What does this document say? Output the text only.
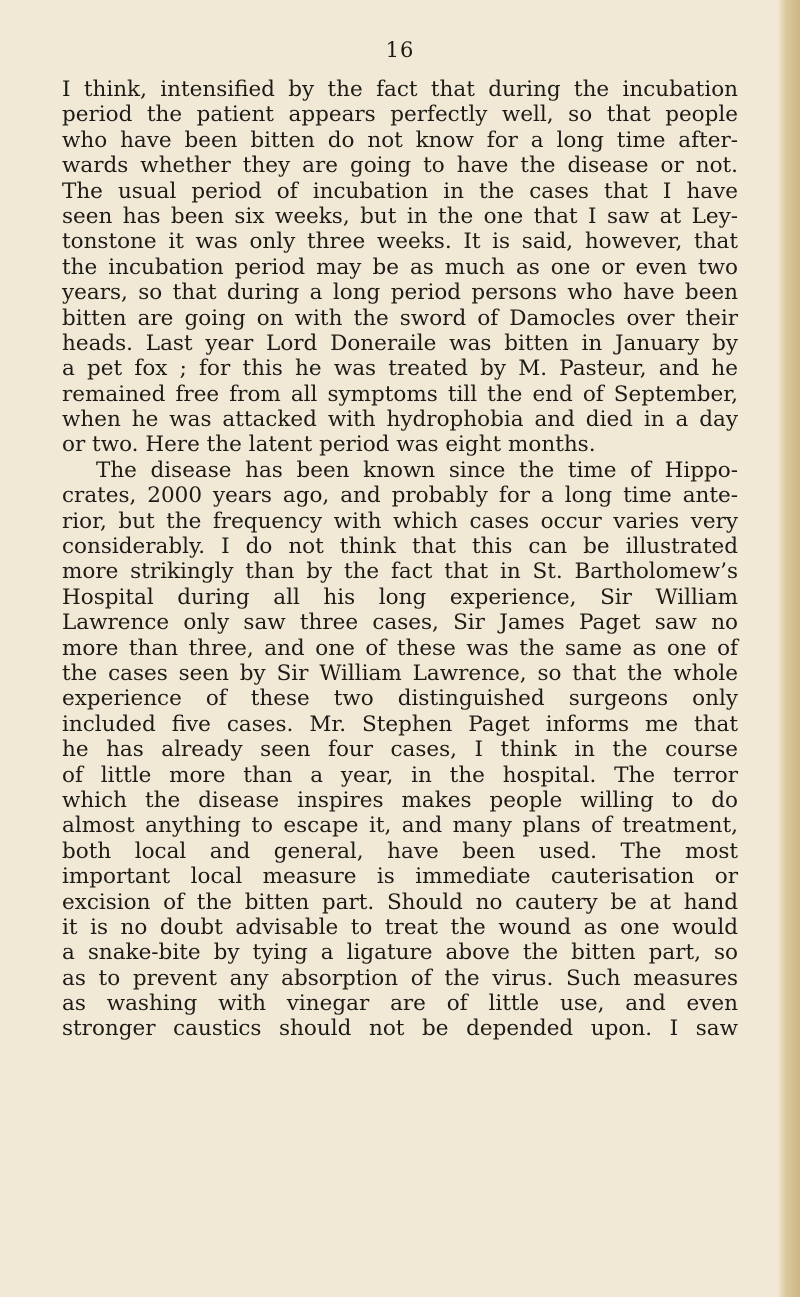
16
I think, intensified by the fact that during the incubation
period the patient appears perfectly well, so that people
who have been bitten do not know for a long time after-
wards whether they are going to have the disease or not.
The usual period of incubation in the cases that I have
seen has been six weeks, but in the one that I saw at Ley-
tonstone it was only three weeks. It is said, however, that
the incubation period may be as much as one or even two
years, so that during a long period persons who have been
bitten are going on with the sword of Damocles over their
heads. Last year Lord Doneraile was bitten in January by
a pet fox ; for this he was treated by M. Pasteur, and he
remained free from all symptoms till the end of September,
when he was attacked with hydrophobia and died in a day
or two. Here the latent period was eight months.
The disease has been known since the time of Hippo-
crates, 2000 years ago, and probably for a long time ante-
rior, but the frequency with which cases occur varies very
considerably. I do not think that this can be illustrated
more strikingly than by the fact that in St. Bartholomew’s
Hospital during all his long experience, Sir William
Lawrence only saw three cases, Sir James Paget saw no
more than three, and one of these was the same as one of
the cases seen by Sir William Lawrence, so that the whole
experience of these two distinguished surgeons only
included five cases. Mr. Stephen Paget informs me that
he has already seen four cases, I think in the course
of little more than a year, in the hospital. The terror
which the disease inspires makes people willing to do
almost anything to escape it, and many plans of treatment,
both local and general, have been used. The most
important local measure is immediate cauterisation or
excision of the bitten part. Should no cautery be at hand
it is no doubt advisable to treat the wound as one would
a snake-bite by tying a ligature above the bitten part, so
as to prevent any absorption of the virus. Such measures
as washing with vinegar are of little use, and even
stronger caustics should not be depended upon. I saw
